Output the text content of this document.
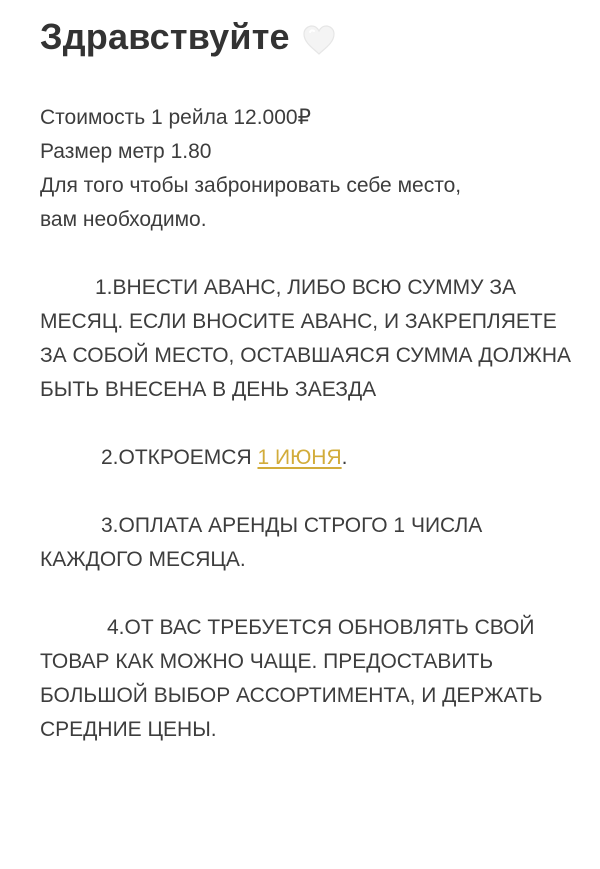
Здравствуйте
Стоимость 1 рейла 12.000₽
Размер метр 1.80
Для того чтобы забронировать себе место,
вам необходимо.

1.ВНЕСТИ АВАНС, ЛИБО ВСЮ СУММУ ЗА МЕСЯЦ. ЕСЛИ ВНОСИТЕ АВАНС, И ЗАКРЕПЛЯЕТЕ ЗА СОБОЙ МЕСТО, ОСТАВШАЯСЯ СУММА ДОЛЖНА БЫТЬ ВНЕСЕНА В ДЕНЬ ЗАЕЗДА

2.ОТКРОЕМСЯ 1 ИЮНЯ.

3.ОПЛАТА АРЕНДЫ СТРОГО 1 ЧИСЛА КАЖДОГО МЕСЯЦА.

4.ОТ ВАС ТРЕБУЕТСЯ ОБНОВЛЯТЬ СВОЙ ТОВАР КАК МОЖНО ЧАЩЕ. ПРЕДОСТАВИТЬ БОЛЬШОЙ ВЫБОР АССОРТИМЕНТА, И ДЕРЖАТЬ СРЕДНИЕ ЦЕНЫ.
